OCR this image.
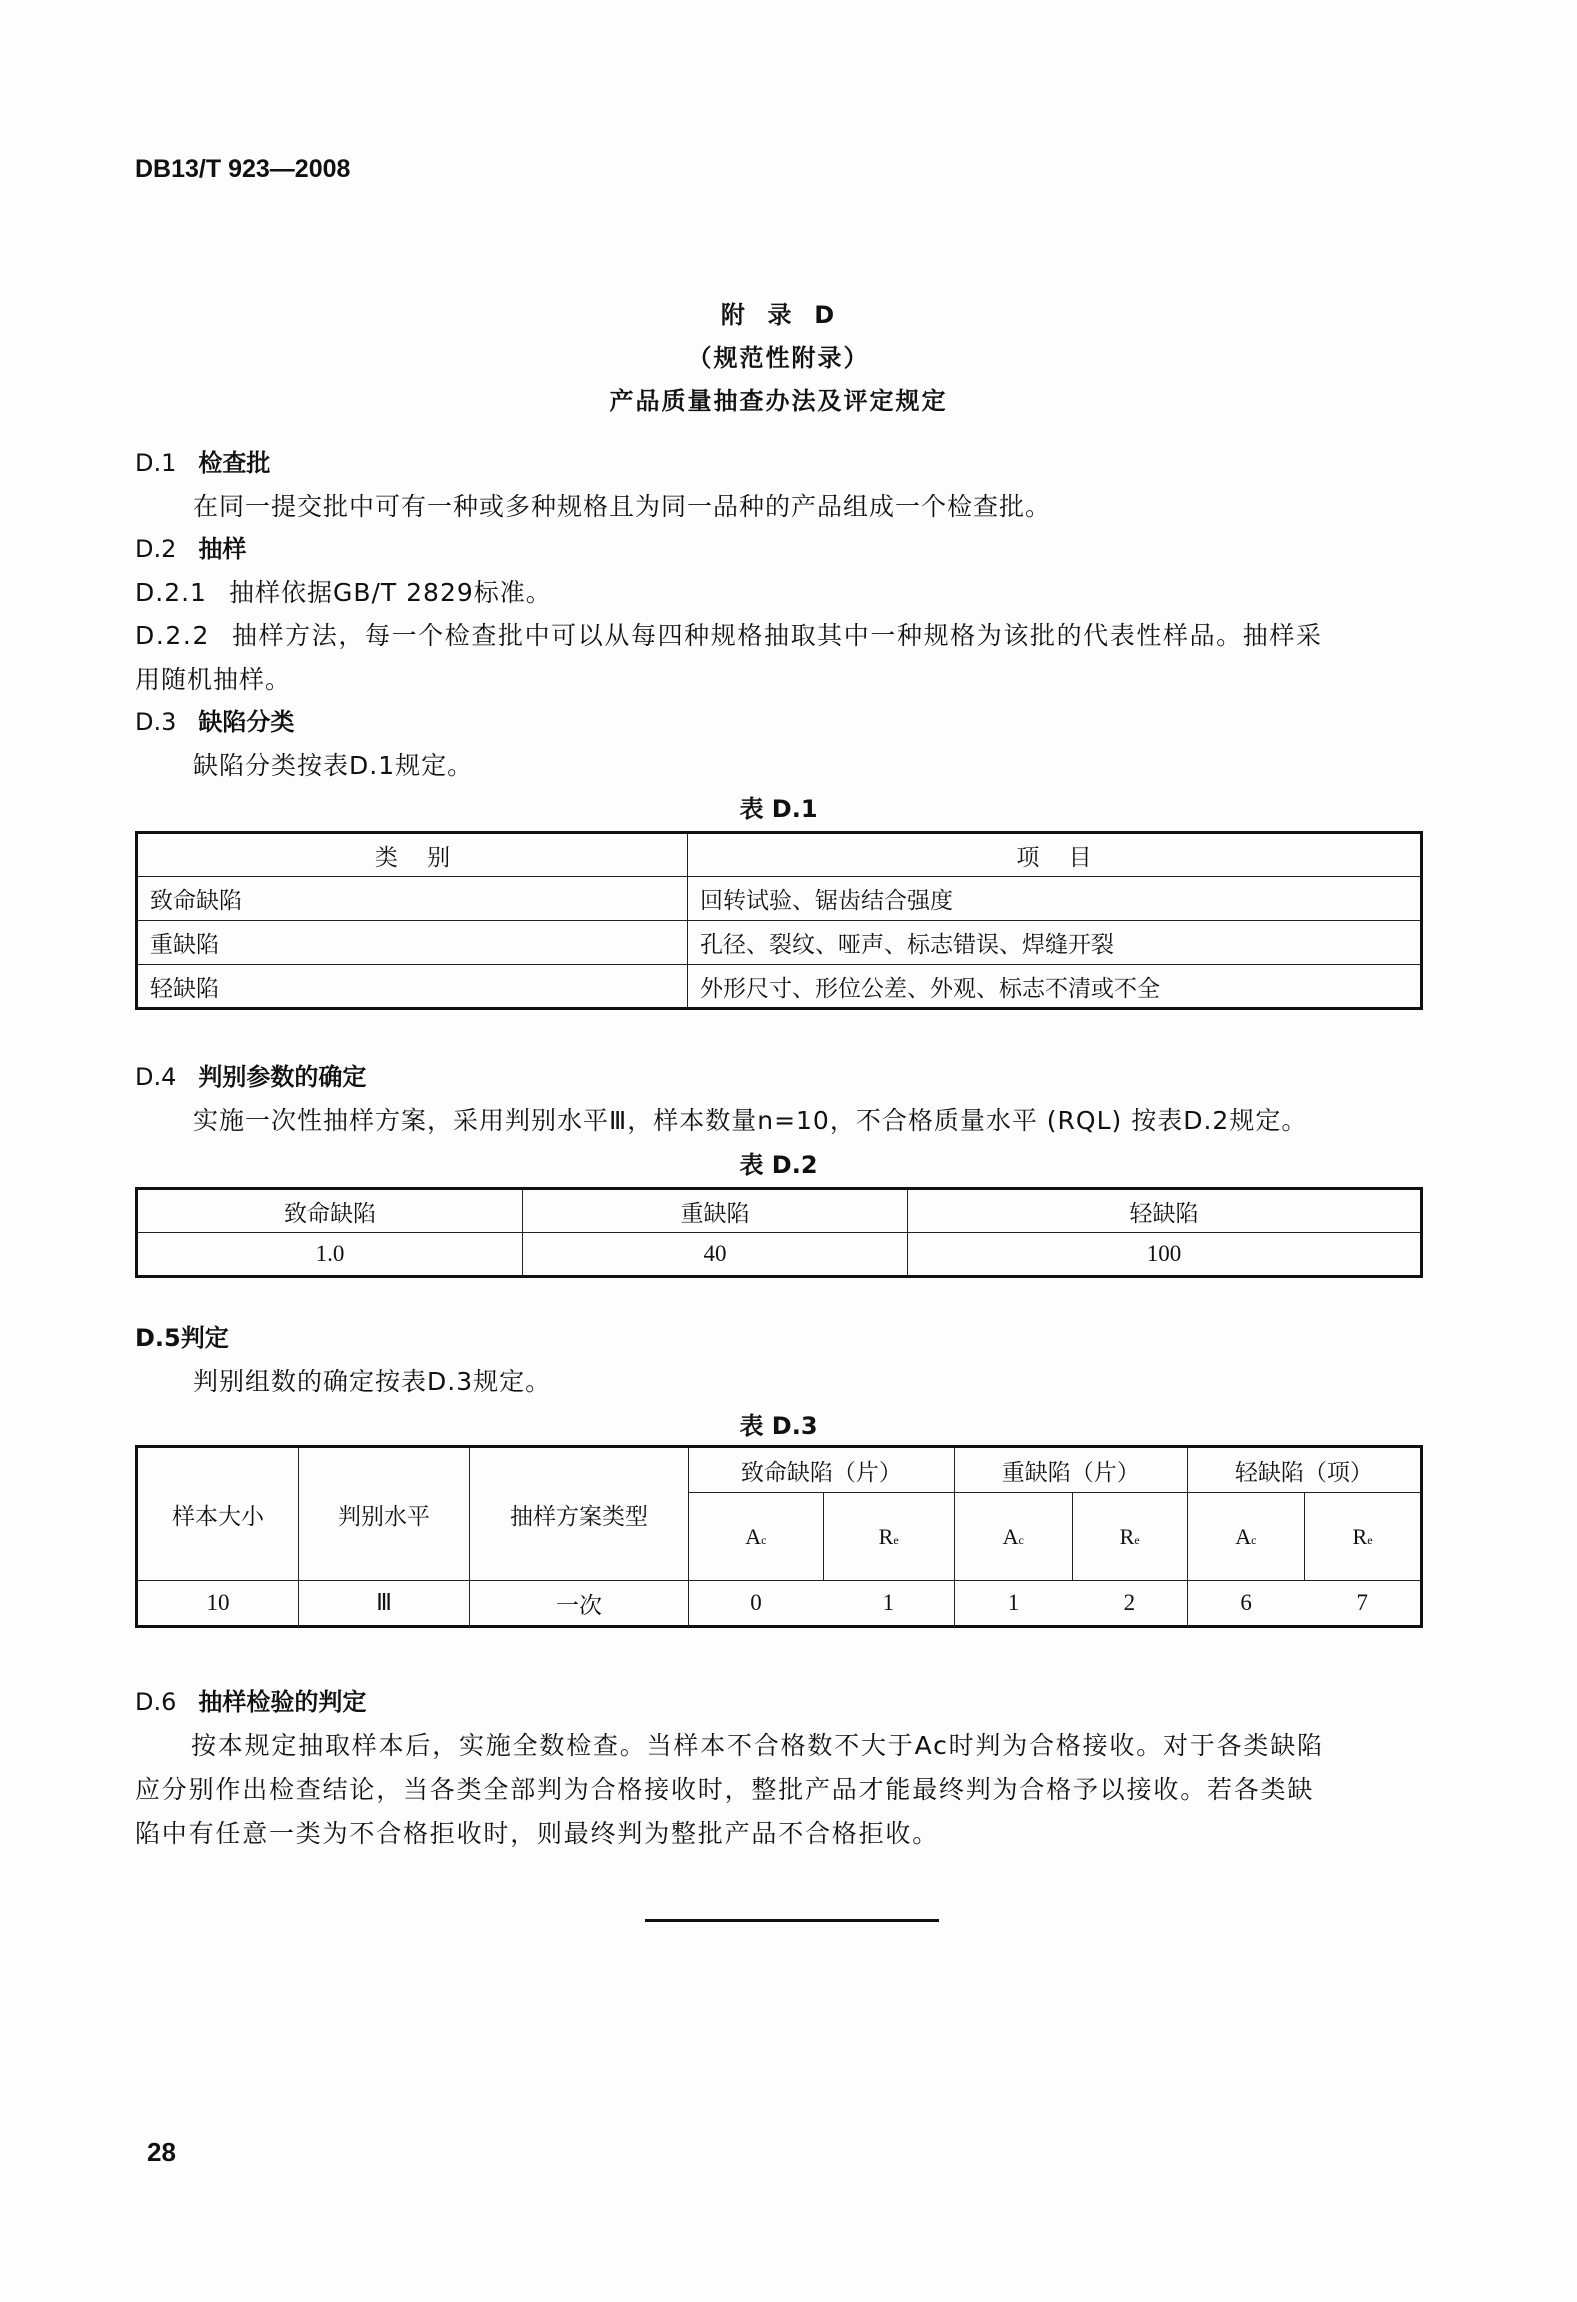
DB13/T 923—2008
附  录  D
（规范性附录）
产品质量抽查办法及评定规定
D.1 检查批
在同一提交批中可有一种或多种规格且为同一品种的产品组成一个检查批。
D.2 抽样
D.2.1 抽样依据GB/T 2829标准。
D.2.2 抽样方法，每一个检查批中可以从每四种规格抽取其中一种规格为该批的代表性样品。抽样采
用随机抽样。
D.3 缺陷分类
缺陷分类按表D.1规定。
表 D.1
类    别	项    目
致命缺陷	回转试验、锯齿结合强度
重缺陷	孔径、裂纹、哑声、标志错误、焊缝开裂
轻缺陷	外形尺寸、形位公差、外观、标志不清或不全
D.4 判别参数的确定
实施一次性抽样方案，采用判别水平Ⅲ，样本数量n=10，不合格质量水平 (RQL) 按表D.2规定。
表 D.2
致命缺陷	重缺陷	轻缺陷
1.0	40	100
D.5判定
判别组数的确定按表D.3规定。
表 D.3
样本大小	判别水平	抽样方案类型	致命缺陷（片）		重缺陷（片）		轻缺陷（项）	
			Ac	Re	Ac	Re	Ac	Re
10	Ⅲ	一次	0	1	1	2	6	7
D.6 抽样检验的判定
按本规定抽取样本后，实施全数检查。当样本不合格数不大于Ac时判为合格接收。对于各类缺陷
应分别作出检查结论，当各类全部判为合格接收时，整批产品才能最终判为合格予以接收。若各类缺
陷中有任意一类为不合格拒收时，则最终判为整批产品不合格拒收。
28
